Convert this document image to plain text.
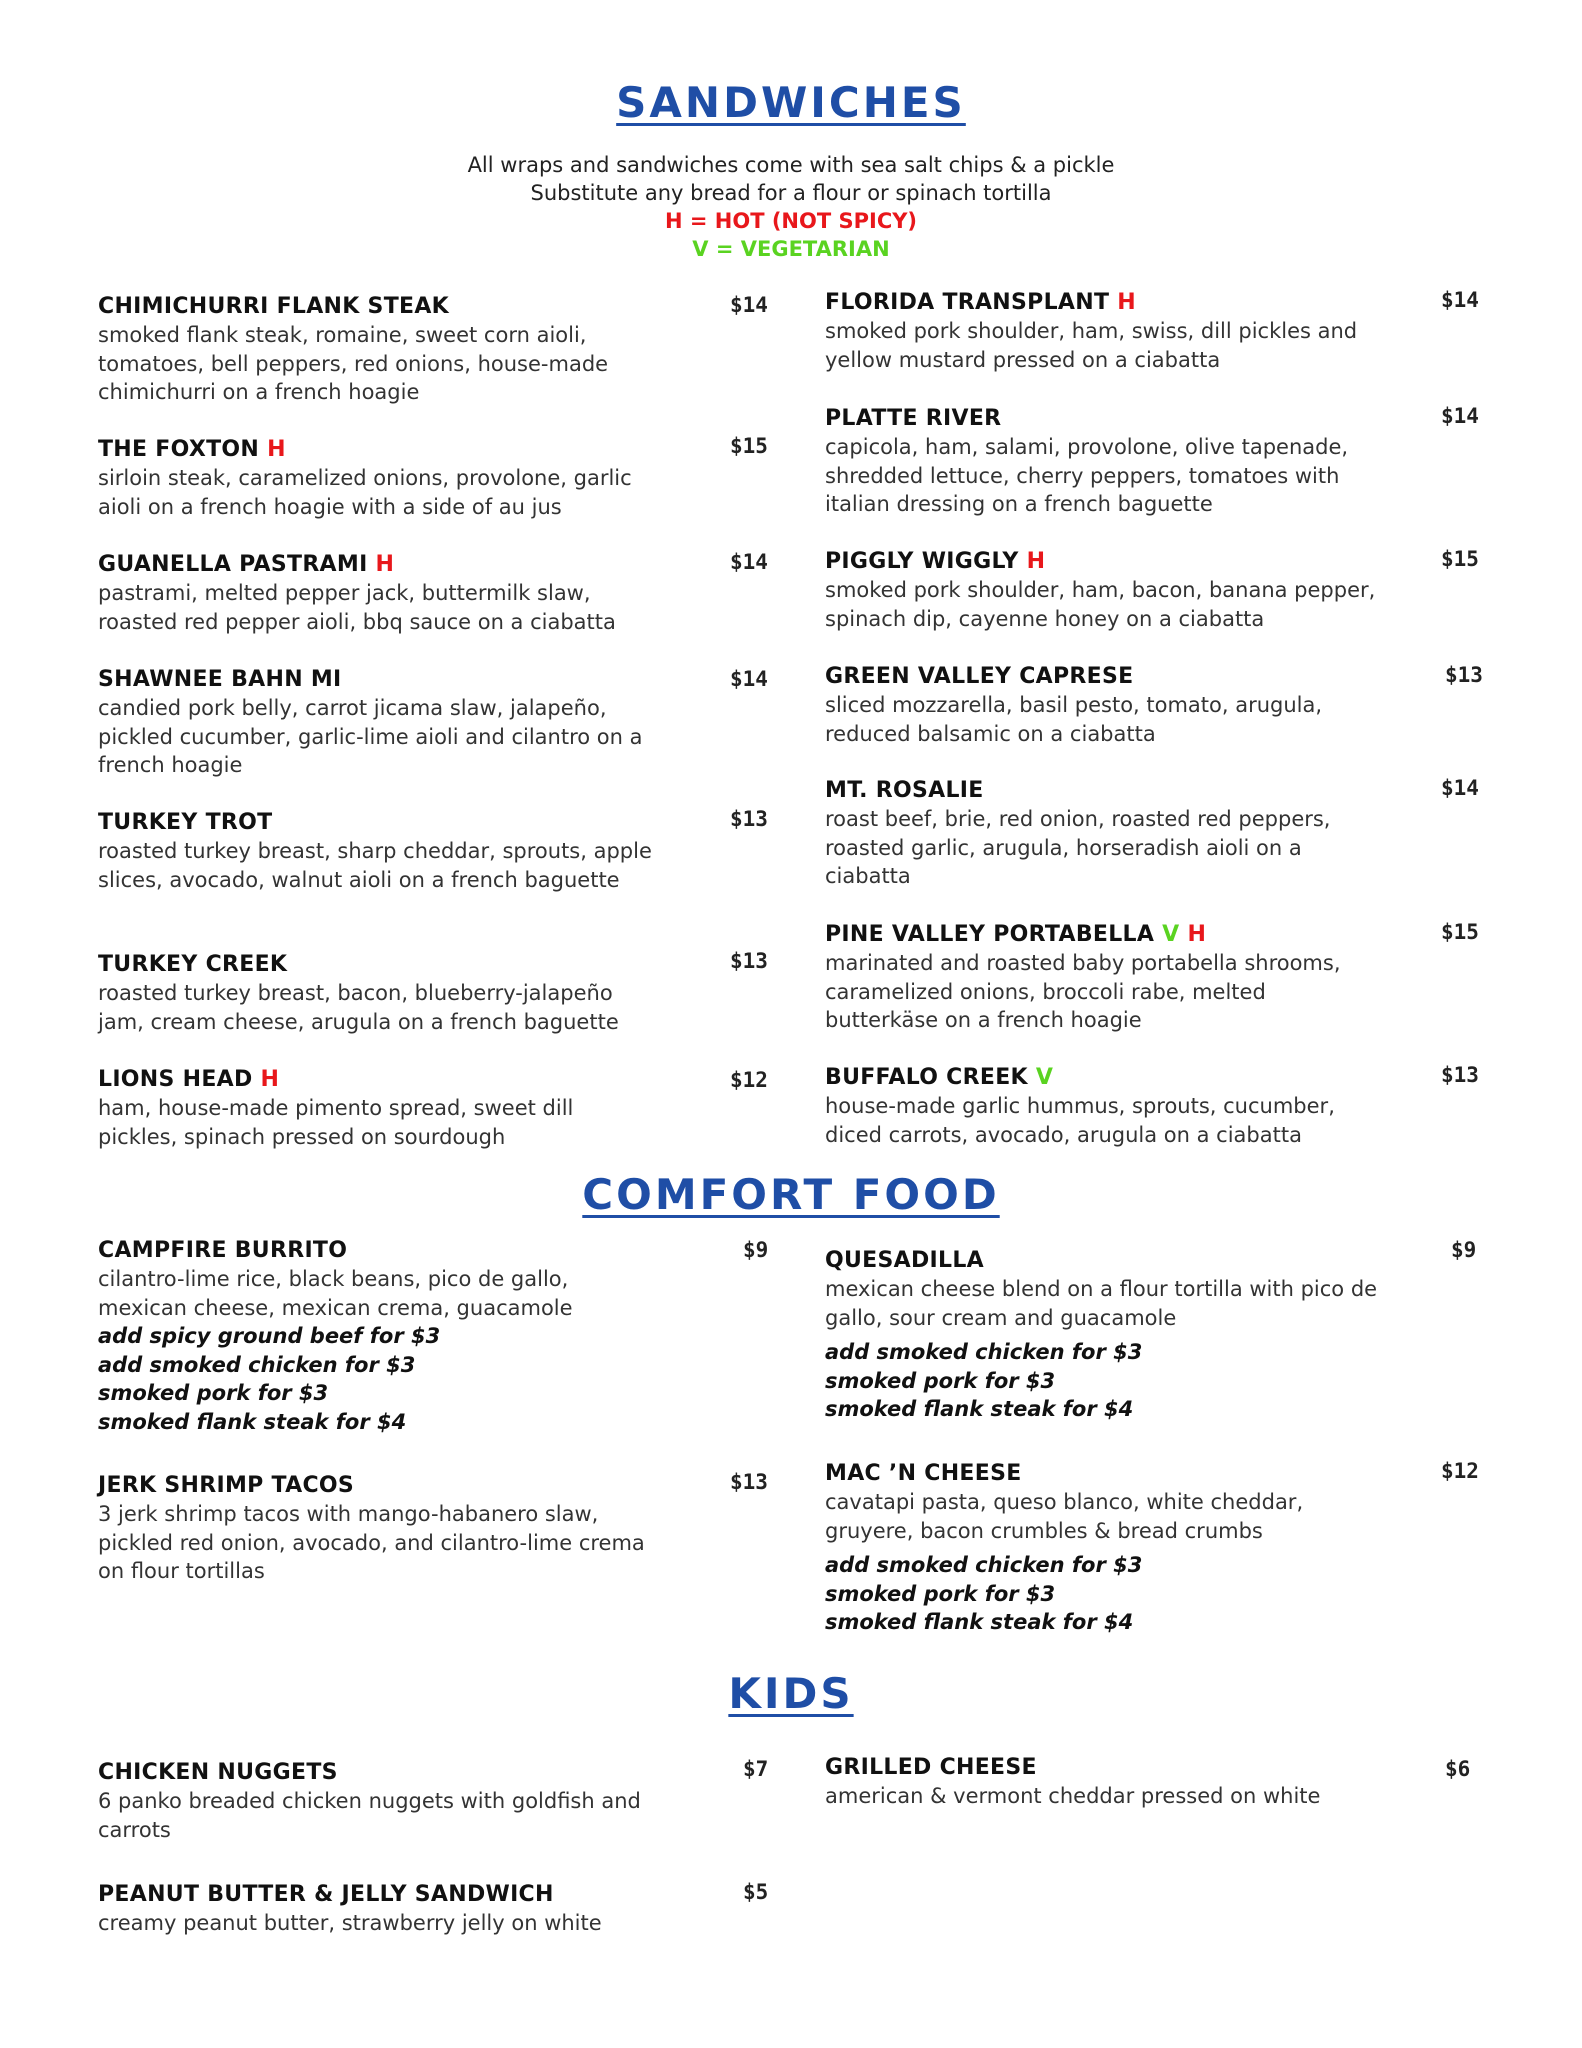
SANDWICHES
All wraps and sandwiches come with sea salt chips & a pickle
Substitute any bread for a flour or spinach tortilla
H = HOT (NOT SPICY)
V = VEGETARIAN
CHIMICHURRI FLANK STEAK
smoked flank steak, romaine, sweet corn aioli, tomatoes, bell peppers, red onions, house-made chimichurri on a french hoagie
$14
THE FOXTON H
sirloin steak, caramelized onions, provolone, garlic aioli on a french hoagie with a side of au jus
$15
GUANELLA PASTRAMI H
pastrami, melted pepper jack, buttermilk slaw, roasted red pepper aioli, bbq sauce on a ciabatta
$14
SHAWNEE BAHN MI
candied pork belly, carrot jicama slaw, jalapeño, pickled cucumber, garlic-lime aioli and cilantro on a french hoagie
$14
TURKEY TROT
roasted turkey breast, sharp cheddar, sprouts, apple slices, avocado, walnut aioli on a french baguette
$13
TURKEY CREEK
roasted turkey breast, bacon, blueberry-jalapeño jam, cream cheese, arugula on a french baguette
$13
LIONS HEAD H
ham, house-made pimento spread, sweet dill pickles, spinach pressed on sourdough
$12
FLORIDA TRANSPLANT H
smoked pork shoulder, ham, swiss, dill pickles and yellow mustard pressed on a ciabatta
$14
PLATTE RIVER
capicola, ham, salami, provolone, olive tapenade, shredded lettuce, cherry peppers, tomatoes with italian dressing on a french baguette
$14
PIGGLY WIGGLY H
smoked pork shoulder, ham, bacon, banana pepper, spinach dip, cayenne honey on a ciabatta
$15
GREEN VALLEY CAPRESE
sliced mozzarella, basil pesto, tomato, arugula, reduced balsamic on a ciabatta
$13
MT. ROSALIE
roast beef, brie, red onion, roasted red peppers, roasted garlic, arugula, horseradish aioli on a ciabatta
$14
PINE VALLEY PORTABELLA V H
marinated and roasted baby portabella shrooms, caramelized onions, broccoli rabe, melted butterkäse on a french hoagie
$15
BUFFALO CREEK V
house-made garlic hummus, sprouts, cucumber, diced carrots, avocado, arugula on a ciabatta
$13
COMFORT FOOD
CAMPFIRE BURRITO
cilantro-lime rice, black beans, pico de gallo, mexican cheese, mexican crema, guacamole
add spicy ground beef for $3
add smoked chicken for $3
smoked pork for $3
smoked flank steak for $4
$9
JERK SHRIMP TACOS
3 jerk shrimp tacos with mango-habanero slaw, pickled red onion, avocado, and cilantro-lime crema on flour tortillas
$13
QUESADILLA
mexican cheese blend on a flour tortilla with pico de gallo, sour cream and guacamole
add smoked chicken for $3
smoked pork for $3
smoked flank steak for $4
$9
MAC ’N CHEESE
cavatapi pasta, queso blanco, white cheddar, gruyere, bacon crumbles & bread crumbs
add smoked chicken for $3
smoked pork for $3
smoked flank steak for $4
$12
KIDS
CHICKEN NUGGETS
6 panko breaded chicken nuggets with goldfish and carrots
$7
PEANUT BUTTER & JELLY SANDWICH
creamy peanut butter, strawberry jelly on white
$5
GRILLED CHEESE
american & vermont cheddar pressed on white
$6
